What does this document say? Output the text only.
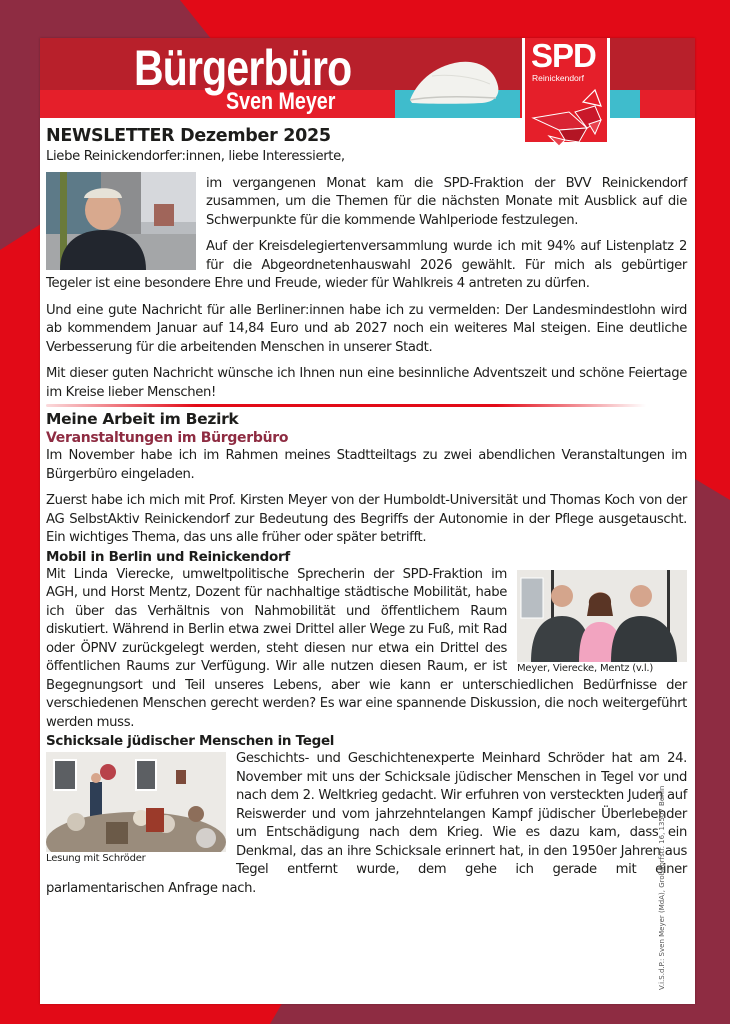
Bürgerbüro
Sven Meyer
SPD
Reinickendorf
NEWSLETTER Dezember 2025

Liebe Reinickendorfer:innen, liebe Interessierte,

im vergangenen Monat kam die SPD-Fraktion der BVV Reinickendorf zusammen, um die Themen für die nächsten Monate mit Ausblick auf die Schwerpunkte für die kommende Wahlperiode festzulegen.

Auf der Kreisdelegiertenversammlung wurde ich mit 94% auf Listenplatz 2 für die Abgeordnetenhauswahl 2026 gewählt. Für mich als gebürtiger Tegeler ist eine besondere Ehre und Freude, wieder für Wahlkreis 4 antreten zu dürfen.

Und eine gute Nachricht für alle Berliner:innen habe ich zu vermelden: Der Landesmindestlohn wird ab kommendem Januar auf 14,84 Euro und ab 2027 noch ein weiteres Mal steigen. Eine deutliche Verbesserung für die arbeitenden Menschen in unserer Stadt.

Mit dieser guten Nachricht wünsche ich Ihnen nun eine besinnliche Adventszeit und schöne Feiertage im Kreise lieber Menschen!

Meine Arbeit im Bezirk
Veranstaltungen im Bürgerbüro

Im November habe ich im Rahmen meines Stadtteiltags zu zwei abendlichen Veranstaltungen im Bürgerbüro eingeladen.

Zuerst habe ich mich mit Prof. Kirsten Meyer von der Humboldt-Universität und Thomas Koch von der AG SelbstAktiv Reinickendorf zur Bedeutung des Begriffs der Autonomie in der Pflege ausgetauscht. Ein wichtiges Thema, das uns alle früher oder später betrifft.

Mobil in Berlin und Reinickendorf
Meyer, Vierecke, Mentz (v.l.)

Mit Linda Vierecke, umweltpolitische Sprecherin der SPD-Fraktion im AGH, und Horst Mentz, Dozent für nachhaltige städtische Mobilität, habe ich über das Verhältnis von Nahmobilität und öffentlichem Raum diskutiert. Während in Berlin etwa zwei Drittel aller Wege zu Fuß, mit Rad oder ÖPNV zurückgelegt werden, steht diesen nur etwa ein Drittel des öffentlichen Raums zur Verfügung. Wir alle nutzen diesen Raum, er ist Begegnungsort und Teil unseres Lebens, aber wie kann er unterschiedlichen Bedürfnisse der verschiedenen Menschen gerecht werden? Es war eine spannende Diskussion, die noch weitergeführt werden muss.

Schicksale jüdischer Menschen in Tegel
Lesung mit Schröder

Geschichts- und Geschichtenexperte Meinhard Schröder hat am 24. November mit uns der Schicksale jüdischer Menschen in Tegel vor und nach dem 2. Weltkrieg gedacht. Wir erfuhren von versteckten Juden auf Reiswerder und vom jahrzehntelangen Kampf jüdischer Überlebender um Entschädigung nach dem Krieg. Wie es dazu kam, dass ein Denkmal, das an ihre Schicksale erinnert hat, in den 1950er Jahren aus Tegel entfernt wurde, dem gehe ich gerade mit einer parlamentarischen Anfrage nach.	V.i.S.d.P.: Sven Meyer (MdA), Großdorfstr. 16, 13507 Berlin
